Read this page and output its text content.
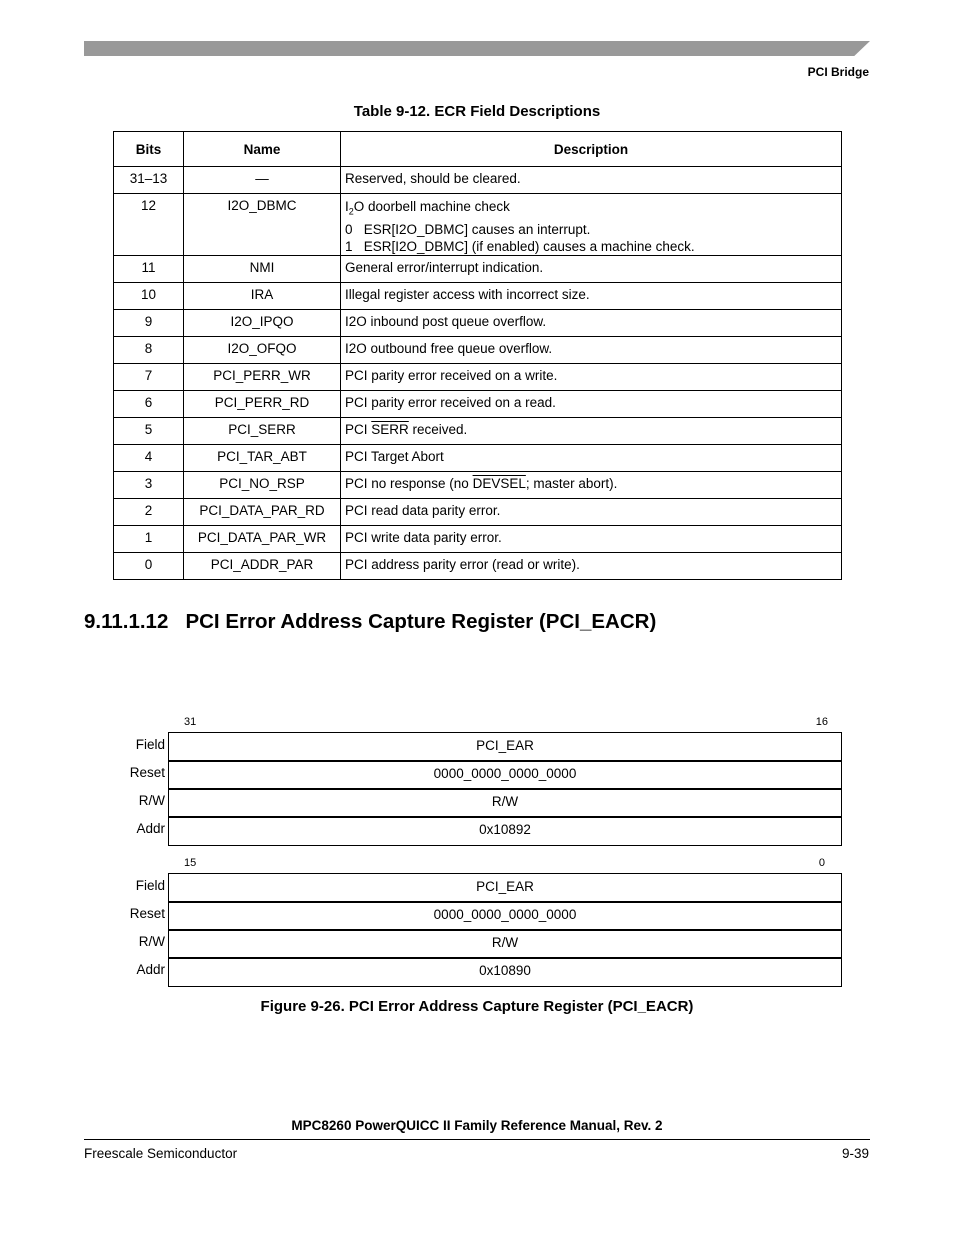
PCI Bridge
Table 9-12. ECR Field Descriptions
Bits	Name	Description
31–13	—	Reserved, should be cleared.
12	I2O_DBMC	$I_2O$ doorbell machine check
0   ESR[I2O_DBMC] causes an interrupt.
1   ESR[I2O_DBMC] (if enabled) causes a machine check.

11	NMI	General error/interrupt indication.
10	IRA	Illegal register access with incorrect size.
9	I2O_IPQO	I2O inbound post queue overflow.
8	I2O_OFQO	I2O outbound free queue overflow.
7	PCI_PERR_WR	PCI parity error received on a write.
6	PCI_PERR_RD	PCI parity error received on a read.
5	PCI_SERR	PCI SERR received.
4	PCI_TAR_ABT	PCI Target Abort
3	PCI_NO_RSP	PCI no response (no DEVSEL; master abort).
2	PCI_DATA_PAR_RD	PCI read data parity error.
1	PCI_DATA_PAR_WR	PCI write data parity error.
0	PCI_ADDR_PAR	PCI address parity error (read or write).
9.11.1.12   PCI Error Address Capture Register (PCI_EACR)
31	16
Field	PCI_EAR
Reset	0000_0000_0000_0000
R/W	R/W
Addr	0x10892
15	0
Field	PCI_EAR
Reset	0000_0000_0000_0000
R/W	R/W
Addr	0x10890
Figure 9-26. PCI Error Address Capture Register (PCI_EACR)
MPC8260 PowerQUICC II Family Reference Manual, Rev. 2
Freescale Semiconductor	9-39
